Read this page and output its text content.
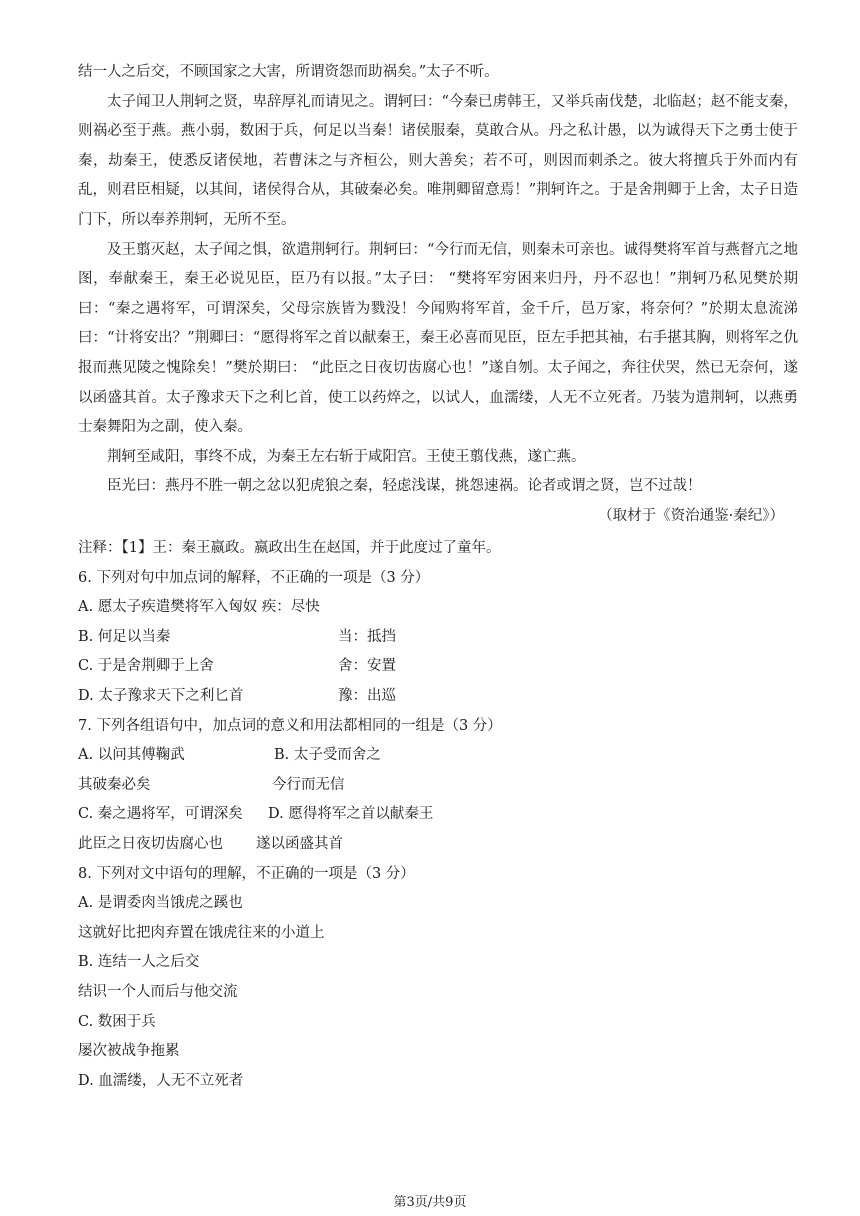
结一人之后交，不顾国家之大害，所谓资怨而助祸矣。”太子不听。

太子闻卫人荆轲之贤，卑辞厚礼而请见之。谓轲曰：“今秦已虏韩王，又举兵南伐楚，北临赵；赵不能支秦，则祸必至于燕。燕小弱，数困于兵，何足以当秦！诸侯服秦，莫敢合从。丹之私计愚，以为诚得天下之勇士使于秦，劫秦王，使悉反诸侯地，若曹沫之与齐桓公，则大善矣；若不可，则因而刺杀之。彼大将擅兵于外而内有乱，则君臣相疑，以其间，诸侯得合从，其破秦必矣。唯荆卿留意焉！”荆轲许之。于是舍荆卿于上舍，太子日造门下，所以奉养荆轲，无所不至。

及王翦灭赵，太子闻之惧，欲遣荆轲行。荆轲曰：“今行而无信，则秦未可亲也。诚得樊将军首与燕督亢之地图，奉献秦王，秦王必说见臣，臣乃有以报。”太子曰： “樊将军穷困来归丹，丹不忍也！”荆轲乃私见樊於期曰：“秦之遇将军，可谓深矣，父母宗族皆为戮没！今闻购将军首，金千斤，邑万家，将奈何？”於期太息流涕曰：“计将安出？”荆卿曰：“愿得将军之首以献秦王，秦王必喜而见臣，臣左手把其袖，右手揕其胸，则将军之仇报而燕见陵之愧除矣！”樊於期曰： “此臣之日夜切齿腐心也！”遂自刎。太子闻之，奔往伏哭，然已无奈何，遂以函盛其首。太子豫求天下之利匕首，使工以药焠之，以试人，血濡缕，人无不立死者。乃装为遣荆轲，以燕勇士秦舞阳为之副，使入秦。

荆轲至咸阳，事终不成，为秦王左右斩于咸阳宫。王使王翦伐燕，遂亡燕。

臣光曰：燕丹不胜一朝之忿以犯虎狼之秦，轻虑浅谋，挑怨速祸。论者或谓之贤，岂不过哉！

（取材于《资治通鉴·秦纪》）

注释：【1】王：秦王嬴政。嬴政出生在赵国，并于此度过了童年。
6. 下列对句中加点词的解释，不正确的一项是（3 分）
A. 愿太子疾遣樊将军入匈奴 疾：尽快
B. 何足以当秦	当：抵挡
C. 于是舍荆卿于上舍	舍：安置
D. 太子豫求天下之利匕首	豫：出巡
7. 下列各组语句中，加点词的意义和用法都相同的一组是（3 分）
A. 以问其傅鞠武	B. 太子受而舍之
其破秦必矣	今行而无信
C. 秦之遇将军，可谓深矣 D. 愿得将军之首以献秦王
此臣之日夜切齿腐心也 遂以函盛其首
8. 下列对文中语句的理解，不正确的一项是（3 分）
A. 是谓委肉当饿虎之蹊也
这就好比把肉弃置在饿虎往来的小道上
B. 连结一人之后交
结识一个人而后与他交流
C. 数困于兵
屡次被战争拖累
D. 血濡缕，人无不立死者
第3页/共9页
